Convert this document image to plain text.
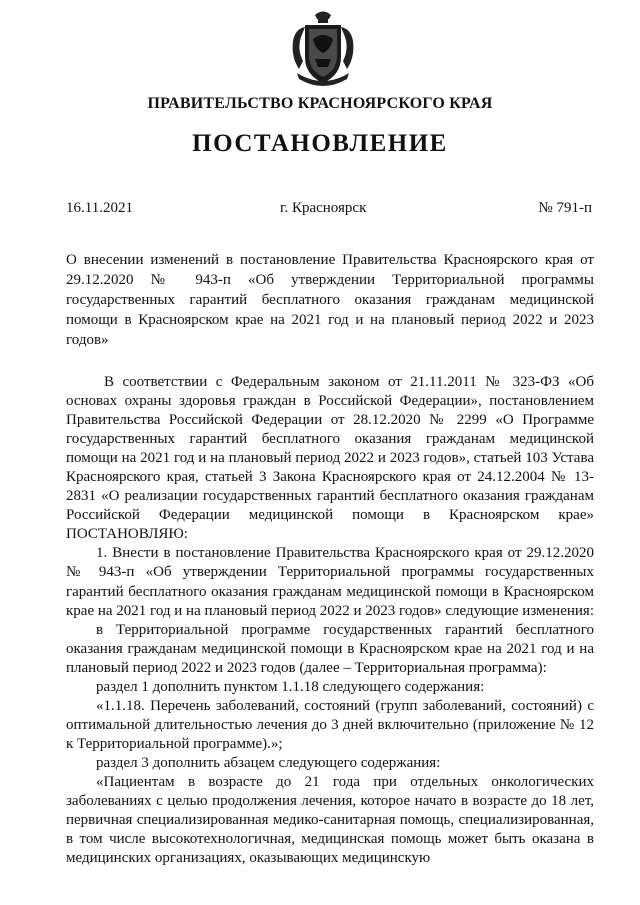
ПРАВИТЕЛЬСТВО КРАСНОЯРСКОГО КРАЯ
ПОСТАНОВЛЕНИЕ
16.11.2021	г. Красноярск	№ 791-п
О внесении изменений в постановление Правительства Красноярского края от 29.12.2020 № 943-п «Об утверждении Территориальной программы государственных гарантий бесплатного оказания гражданам медицинской помощи в Красноярском крае на 2021 год и на плановый период 2022 и 2023 годов»

В соответствии с Федеральным законом от 21.11.2011 № 323-ФЗ «Об основах охраны здоровья граждан в Российской Федерации», постановлением Правительства Российской Федерации от 28.12.2020 № 2299 «О Программе государственных гарантий бесплатного оказания гражданам медицинской помощи на 2021 год и на плановый период 2022 и 2023 годов», статьей 103 Устава Красноярского края, статьей 3 Закона Красноярского края от 24.12.2004 № 13-2831 «О реализации государственных гарантий бесплатного оказания гражданам Российской Федерации медицинской помощи в Красноярском крае» ПОСТАНОВЛЯЮ:

1. Внести в постановление Правительства Красноярского края от 29.12.2020 № 943-п «Об утверждении Территориальной программы государственных гарантий бесплатного оказания гражданам медицинской помощи в Красноярском крае на 2021 год и на плановый период 2022 и 2023 годов» следующие изменения:

в Территориальной программе государственных гарантий бесплатного оказания гражданам медицинской помощи в Красноярском крае на 2021 год и на плановый период 2022 и 2023 годов (далее – Территориальная программа):

раздел 1 дополнить пунктом 1.1.18 следующего содержания:

«1.1.18. Перечень заболеваний, состояний (групп заболеваний, состояний) с оптимальной длительностью лечения до 3 дней включительно (приложение № 12 к Территориальной программе).»;

раздел 3 дополнить абзацем следующего содержания:

«Пациентам в возрасте до 21 года при отдельных онкологических заболеваниях с целью продолжения лечения, которое начато в возрасте до 18 лет, первичная специализированная медико-санитарная помощь, специализированная, в том числе высокотехнологичная, медицинская помощь может быть оказана в медицинских организациях, оказывающих медицинскую
